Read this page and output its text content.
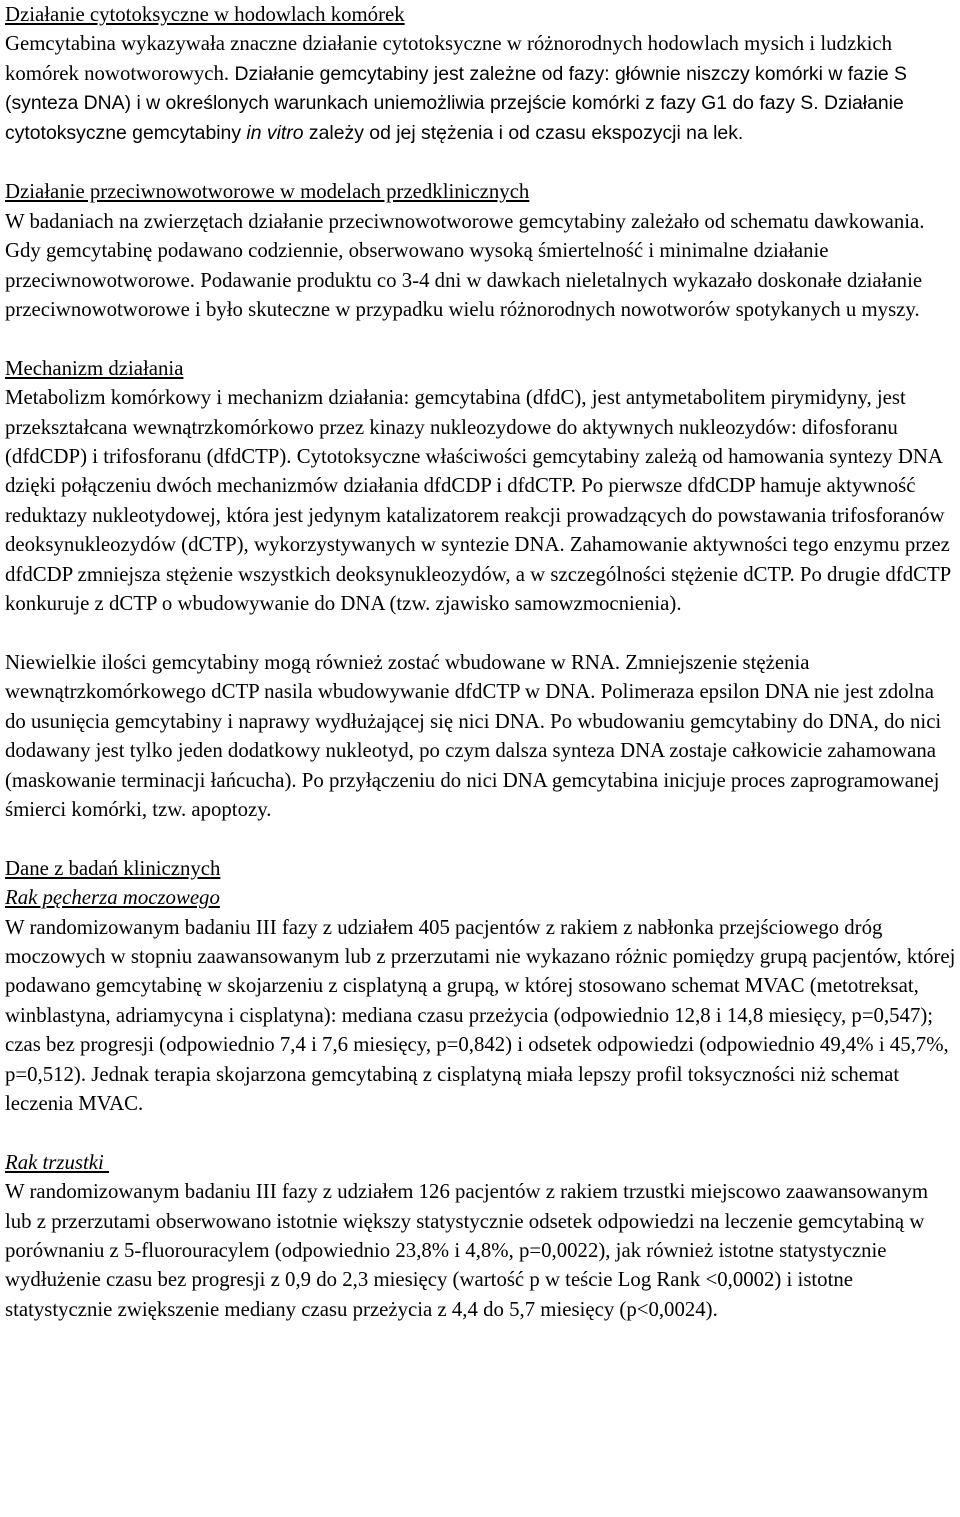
Działanie cytotoksyczne w hodowlach komórek

Gemcytabina wykazywała znaczne działanie cytotoksyczne w różnorodnych hodowlach mysich i ludzkich komórek nowotworowych. Działanie gemcytabiny jest zależne od fazy: głównie niszczy komórki w fazie S (synteza DNA) i w określonych warunkach uniemożliwia przejście komórki z fazy G1 do fazy S. Działanie cytotoksyczne gemcytabiny in vitro zależy od jej stężenia i od czasu ekspozycji na lek.

Działanie przeciwnowotworowe w modelach przedklinicznych

W badaniach na zwierzętach działanie przeciwnowotworowe gemcytabiny zależało od schematu dawkowania. Gdy gemcytabinę podawano codziennie, obserwowano wysoką śmiertelność i minimalne działanie przeciwnowotworowe. Podawanie produktu co 3-4 dni w dawkach nieletalnych wykazało doskonałe działanie przeciwnowotworowe i było skuteczne w przypadku wielu różnorodnych nowotworów spotykanych u myszy.

Mechanizm działania

Metabolizm komórkowy i mechanizm działania: gemcytabina (dfdC), jest antymetabolitem pirymidyny, jest przekształcana wewnątrzkomórkowo przez kinazy nukleozydowe do aktywnych nukleozydów: difosforanu (dfdCDP) i trifosforanu (dfdCTP). Cytotoksyczne właściwości gemcytabiny zależą od hamowania syntezy DNA dzięki połączeniu dwóch mechanizmów działania dfdCDP i dfdCTP. Po pierwsze dfdCDP hamuje aktywność reduktazy nukleotydowej, która jest jedynym katalizatorem reakcji prowadzących do powstawania trifosforanów deoksynukleozydów (dCTP), wykorzystywanych w syntezie DNA. Zahamowanie aktywności tego enzymu przez dfdCDP zmniejsza stężenie wszystkich deoksynukleozydów, a w szczególności stężenie dCTP. Po drugie dfdCTP konkuruje z dCTP o wbudowywanie do DNA (tzw. zjawisko samowzmocnienia).

Niewielkie ilości gemcytabiny mogą również zostać wbudowane w RNA. Zmniejszenie stężenia wewnątrzkomórkowego dCTP nasila wbudowywanie dfdCTP w DNA. Polimeraza epsilon DNA nie jest zdolna do usunięcia gemcytabiny i naprawy wydłużającej się nici DNA. Po wbudowaniu gemcytabiny do DNA, do nici dodawany jest tylko jeden dodatkowy nukleotyd, po czym dalsza synteza DNA zostaje całkowicie zahamowana (maskowanie terminacji łańcucha). Po przyłączeniu do nici DNA gemcytabina inicjuje proces zaprogramowanej śmierci komórki, tzw. apoptozy.

Dane z badań klinicznych

Rak pęcherza moczowego

W randomizowanym badaniu III fazy z udziałem 405 pacjentów z rakiem z nabłonka przejściowego dróg moczowych w stopniu zaawansowanym lub z przerzutami nie wykazano różnic pomiędzy grupą pacjentów, której podawano gemcytabinę w skojarzeniu z cisplatyną a grupą, w której stosowano schemat MVAC (metotreksat, winblastyna, adriamycyna i cisplatyna): mediana czasu przeżycia (odpowiednio 12,8 i 14,8 miesięcy, p=0,547); czas bez progresji (odpowiednio 7,4 i 7,6 miesięcy, p=0,842) i odsetek odpowiedzi (odpowiednio 49,4% i 45,7%, p=0,512). Jednak terapia skojarzona gemcytabiną z cisplatyną miała lepszy profil toksyczności niż schemat leczenia MVAC.

Rak trzustki

W randomizowanym badaniu III fazy z udziałem 126 pacjentów z rakiem trzustki miejscowo zaawansowanym lub z przerzutami obserwowano istotnie większy statystycznie odsetek odpowiedzi na leczenie gemcytabiną w porównaniu z 5-fluorouracylem (odpowiednio 23,8% i 4,8%, p=0,0022), jak również istotne statystycznie wydłużenie czasu bez progresji z 0,9 do 2,3 miesięcy (wartość p w teście Log Rank <0,0002) i istotne statystycznie zwiększenie mediany czasu przeżycia z 4,4 do 5,7 miesięcy (p<0,0024).
